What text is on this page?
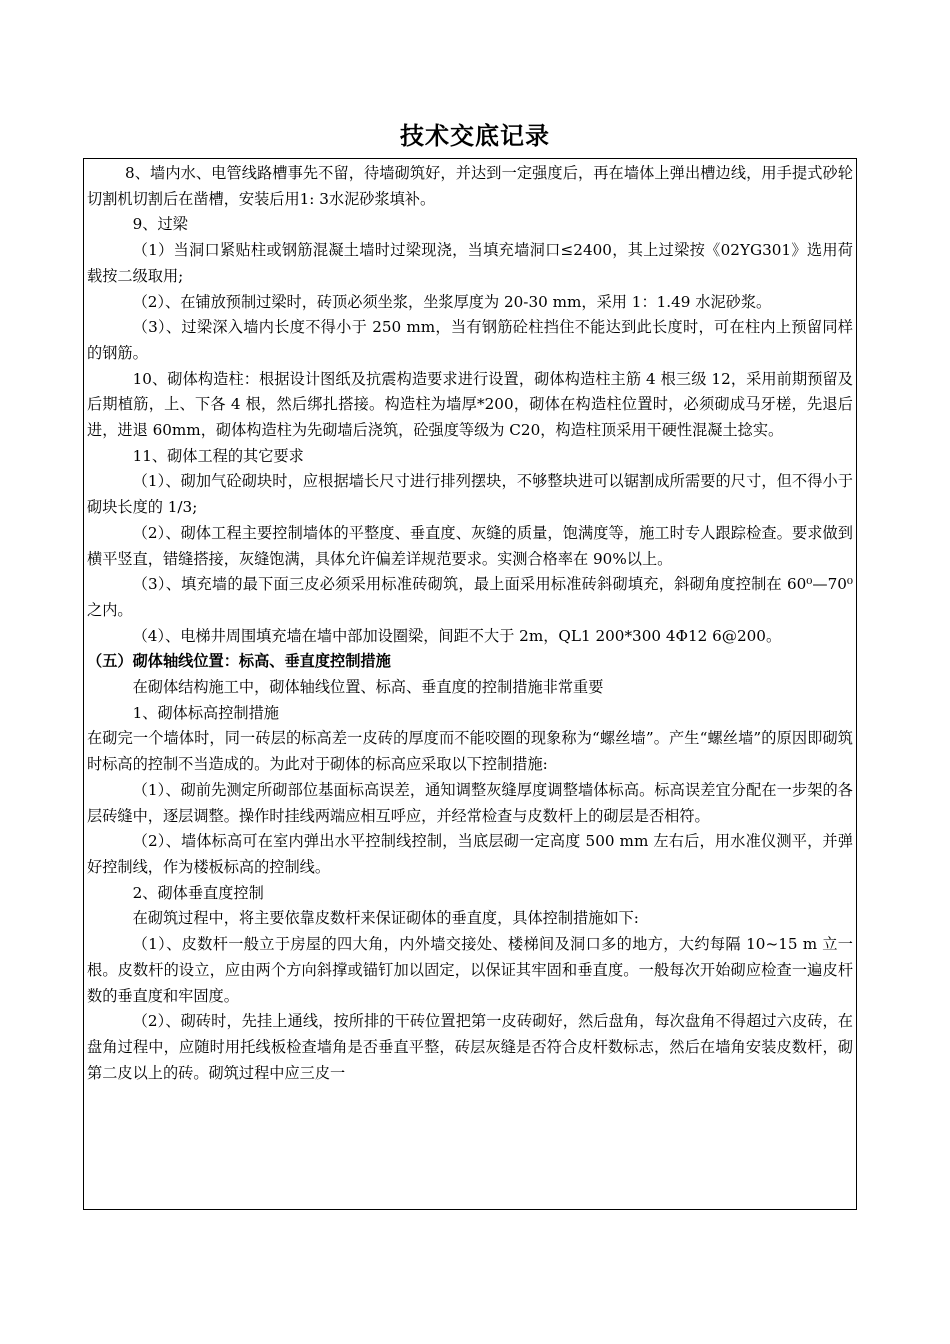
技术交底记录

8、墙内水、电管线路槽事先不留，待墙砌筑好，并达到一定强度后，再在墙体上弹出槽边线，用手提式砂轮切割机切割后在凿槽，安装后用1: 3水泥砂浆填补。

9、过梁

（1）当洞口紧贴柱或钢筋混凝土墙时过梁现浇，当填充墙洞口≤2400，其上过梁按《02YG301》选用荷载按二级取用;

（2）、在铺放预制过梁时，砖顶必须坐浆，坐浆厚度为 20-30 mm，采用 1：1.49 水泥砂浆。

（3）、过梁深入墙内长度不得小于 250 mm，当有钢筋砼柱挡住不能达到此长度时，可在柱内上预留同样的钢筋。

10、砌体构造柱：根据设计图纸及抗震构造要求进行设置，砌体构造柱主筋 4 根三级 12，采用前期预留及后期植筋，上、下各 4 根，然后绑扎搭接。构造柱为墙厚*200，砌体在构造柱位置时，必须砌成马牙槎，先退后进，进退 60mm，砌体构造柱为先砌墙后浇筑，砼强度等级为 C20，构造柱顶采用干硬性混凝土捻实。

11、砌体工程的其它要求

（1）、砌加气砼砌块时，应根据墙长尺寸进行排列摆块，不够整块进可以锯割成所需要的尺寸，但不得小于砌块长度的 1/3;

（2）、砌体工程主要控制墙体的平整度、垂直度、灰缝的质量，饱满度等，施工时专人跟踪检查。要求做到横平竖直，错缝搭接，灰缝饱满，具体允许偏差详规范要求。实测合格率在 90%以上。

（3）、填充墙的最下面三皮必须采用标准砖砌筑，最上面采用标准砖斜砌填充，斜砌角度控制在 60⁰—70⁰之内。

（4）、电梯井周围填充墙在墙中部加设圈梁，间距不大于 2m，QL1 200*300 4Φ12 6@200。

（五）砌体轴线位置：标高、垂直度控制措施

在砌体结构施工中，砌体轴线位置、标高、垂直度的控制措施非常重要

1、砌体标高控制措施

在砌完一个墙体时，同一砖层的标高差一皮砖的厚度而不能咬圈的现象称为“螺丝墙”。产生“螺丝墙”的原因即砌筑时标高的控制不当造成的。为此对于砌体的标高应采取以下控制措施:

（1）、砌前先测定所砌部位基面标高误差，通知调整灰缝厚度调整墙体标高。标高误差宜分配在一步架的各层砖缝中，逐层调整。操作时挂线两端应相互呼应，并经常检查与皮数杆上的砌层是否相符。

（2）、墙体标高可在室内弹出水平控制线控制，当底层砌一定高度 500 mm 左右后，用水准仪测平，并弹好控制线，作为楼板标高的控制线。

2、砌体垂直度控制

在砌筑过程中，将主要依靠皮数杆来保证砌体的垂直度，具体控制措施如下:

（1）、皮数杆一般立于房屋的四大角，内外墙交接处、楼梯间及洞口多的地方，大约每隔 10~15 m 立一根。皮数杆的设立，应由两个方向斜撑或锚钉加以固定，以保证其牢固和垂直度。一般每次开始砌应检查一遍皮杆数的垂直度和牢固度。

（2）、砌砖时，先挂上通线，按所排的干砖位置把第一皮砖砌好，然后盘角，每次盘角不得超过六皮砖，在盘角过程中，应随时用托线板检查墙角是否垂直平整，砖层灰缝是否符合皮杆数标志，然后在墙角安装皮数杆，砌第二皮以上的砖。砌筑过程中应三皮一
